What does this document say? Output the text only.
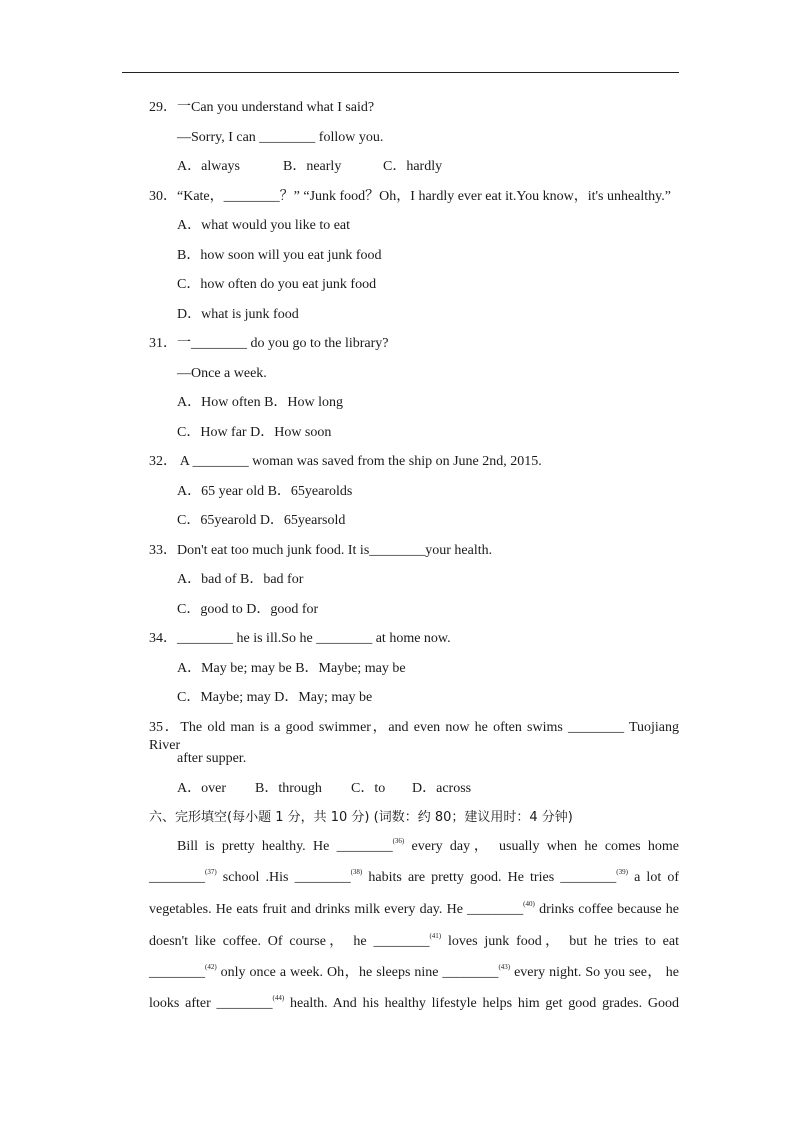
29．一Can you understand what I said?
—Sorry, I can ________ follow you.
A．always	B．nearly	C．hardly
30．“Kate，________？” “Junk food？Oh，I hardly ever eat it.You know，it's unhealthy.”
A．what would you like to eat
B．how soon will you eat junk food
C．how often do you eat junk food
D．what is junk food
31．一________ do you go to the library?
—Once a week.
A．How often B．How long
C．How far D．How soon
32． A ________ woman was saved from the ship on June 2nd, 2015.
A．65 year old B．65yearolds
C．65yearold D．65yearsold
33．Don't eat too much junk food. It is________your health.
A．bad of B．bad for
C．good to D．good for
34．________ he is ill.So he ________ at home now.
A．May be; may be B．Maybe; may be
C．Maybe; may D．May; may be
35．The old man is a good swimmer，and even now he often swims ________ Tuojiang River
after supper.
A．over B．through C．to D．across
六、完形填空(每小题 1 分，共 10 分) (词数：约 80；建议用时：4 分钟)
Bill is pretty healthy. He ________$^{(36)}$ every day， usually when he comes home
________$^{(37)}$ school .His ________$^{(38)}$ habits are pretty good. He tries ________$^{(39)}$ a lot of
vegetables. He eats fruit and drinks milk every day. He ________$^{(40)}$ drinks coffee because he
doesn't like coffee. Of course， he ________$^{(41)}$ loves junk food， but he tries to eat
________$^{(42)}$ only once a week. Oh，he sleeps nine ________$^{(43)}$ every night. So you see， he
looks after ________$^{(44)}$ health. And his healthy lifestyle helps him get good grades. Good
